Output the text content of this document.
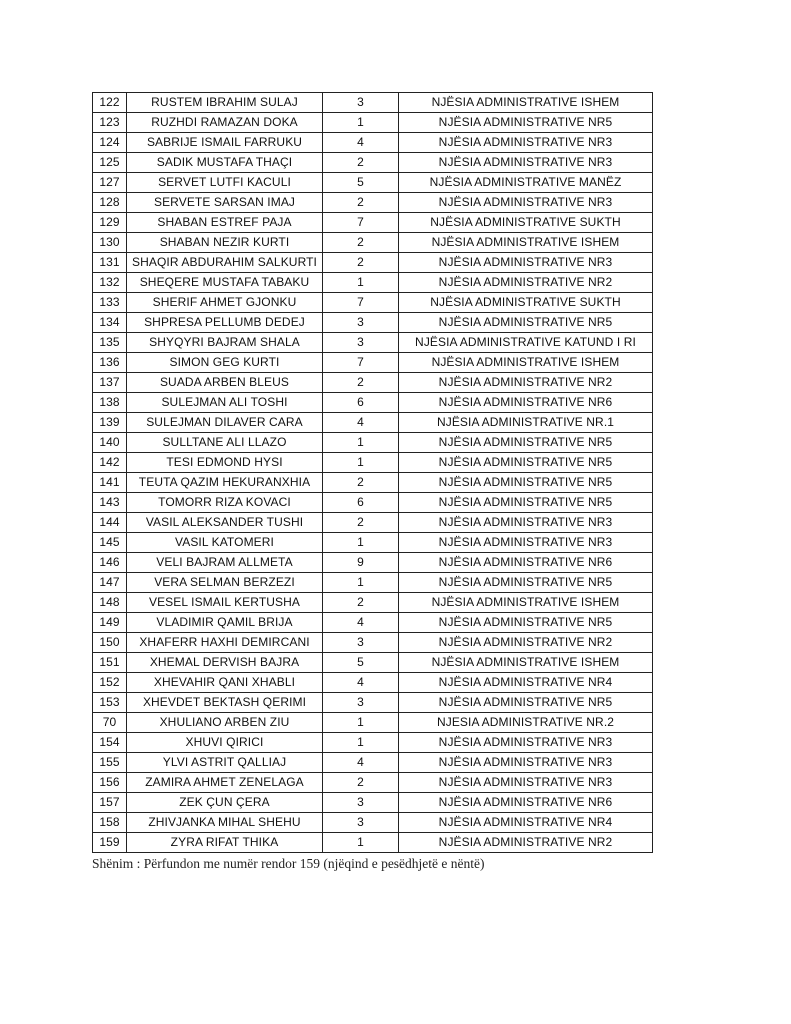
122	RUSTEM IBRAHIM SULAJ	3	NJËSIA ADMINISTRATIVE ISHEM
123	RUZHDI RAMAZAN DOKA	1	NJËSIA ADMINISTRATIVE NR5
124	SABRIJE ISMAIL FARRUKU	4	NJËSIA ADMINISTRATIVE NR3
125	SADIK MUSTAFA THAÇI	2	NJËSIA ADMINISTRATIVE NR3
127	SERVET LUTFI KACULI	5	NJËSIA ADMINISTRATIVE MANËZ
128	SERVETE SARSAN IMAJ	2	NJËSIA ADMINISTRATIVE NR3
129	SHABAN ESTREF PAJA	7	NJËSIA ADMINISTRATIVE SUKTH
130	SHABAN NEZIR KURTI	2	NJËSIA ADMINISTRATIVE ISHEM
131	SHAQIR ABDURAHIM SALKURTI	2	NJËSIA ADMINISTRATIVE NR3
132	SHEQERE MUSTAFA TABAKU	1	NJËSIA ADMINISTRATIVE NR2
133	SHERIF AHMET GJONKU	7	NJËSIA ADMINISTRATIVE SUKTH
134	SHPRESA PELLUMB DEDEJ	3	NJËSIA ADMINISTRATIVE NR5
135	SHYQYRI BAJRAM SHALA	3	NJËSIA ADMINISTRATIVE KATUND I RI
136	SIMON GEG KURTI	7	NJËSIA ADMINISTRATIVE ISHEM
137	SUADA ARBEN BLEUS	2	NJËSIA ADMINISTRATIVE NR2
138	SULEJMAN ALI TOSHI	6	NJËSIA ADMINISTRATIVE NR6
139	SULEJMAN DILAVER CARA	4	NJËSIA ADMINISTRATIVE NR.1
140	SULLTANE ALI LLAZO	1	NJËSIA ADMINISTRATIVE NR5
142	TESI EDMOND HYSI	1	NJËSIA ADMINISTRATIVE NR5
141	TEUTA QAZIM HEKURANXHIA	2	NJËSIA ADMINISTRATIVE NR5
143	TOMORR RIZA KOVACI	6	NJËSIA ADMINISTRATIVE NR5
144	VASIL ALEKSANDER TUSHI	2	NJËSIA ADMINISTRATIVE NR3
145	VASIL KATOMERI	1	NJËSIA ADMINISTRATIVE NR3
146	VELI BAJRAM ALLMETA	9	NJËSIA ADMINISTRATIVE NR6
147	VERA SELMAN BERZEZI	1	NJËSIA ADMINISTRATIVE NR5
148	VESEL ISMAIL KERTUSHA	2	NJËSIA ADMINISTRATIVE ISHEM
149	VLADIMIR QAMIL BRIJA	4	NJËSIA ADMINISTRATIVE NR5
150	XHAFERR HAXHI DEMIRCANI	3	NJËSIA ADMINISTRATIVE NR2
151	XHEMAL DERVISH BAJRA	5	NJËSIA ADMINISTRATIVE ISHEM
152	XHEVAHIR QANI XHABLI	4	NJËSIA ADMINISTRATIVE NR4
153	XHEVDET BEKTASH QERIMI	3	NJËSIA ADMINISTRATIVE NR5
70	XHULIANO ARBEN ZIU	1	NJESIA ADMINISTRATIVE NR.2
154	XHUVI QIRICI	1	NJËSIA ADMINISTRATIVE NR3
155	YLVI ASTRIT QALLIAJ	4	NJËSIA ADMINISTRATIVE NR3
156	ZAMIRA AHMET ZENELAGA	2	NJËSIA ADMINISTRATIVE NR3
157	ZEK ÇUN ÇERA	3	NJËSIA ADMINISTRATIVE NR6
158	ZHIVJANKA MIHAL SHEHU	3	NJËSIA ADMINISTRATIVE NR4
159	ZYRA RIFAT THIKA	1	NJËSIA ADMINISTRATIVE NR2
Shënim : Përfundon me numër rendor 159 (njëqind e pesëdhjetë e nëntë)
